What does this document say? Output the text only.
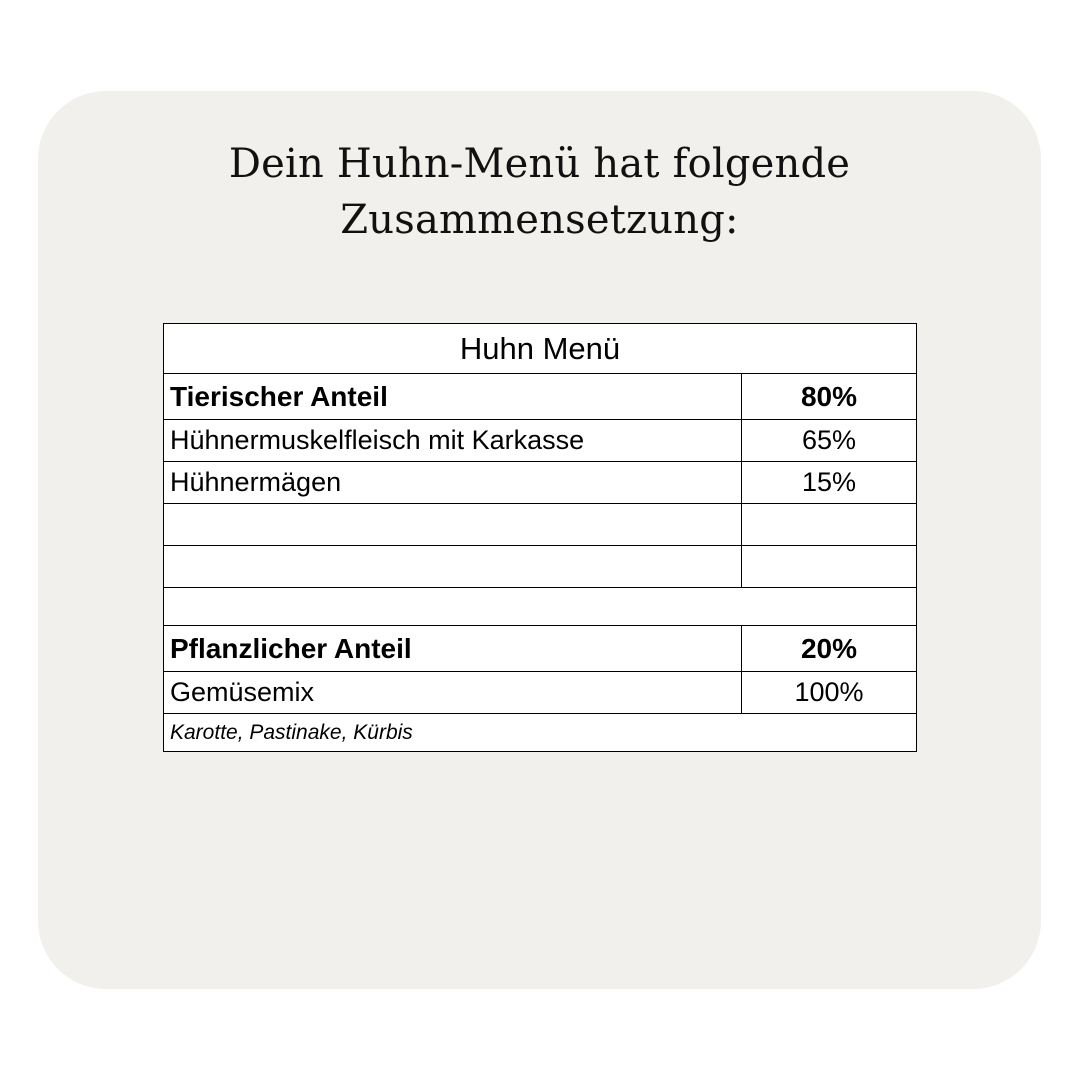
Dein Huhn-Menü hat folgende
Zusammensetzung:
Huhn Menü	
Tierischer Anteil	80%
Hühnermuskelfleisch mit Karkasse	65%
Hühnermägen	15%

Pflanzlicher Anteil	20%
Gemüsemix	100%
Karotte, Pastinake, Kürbis	
